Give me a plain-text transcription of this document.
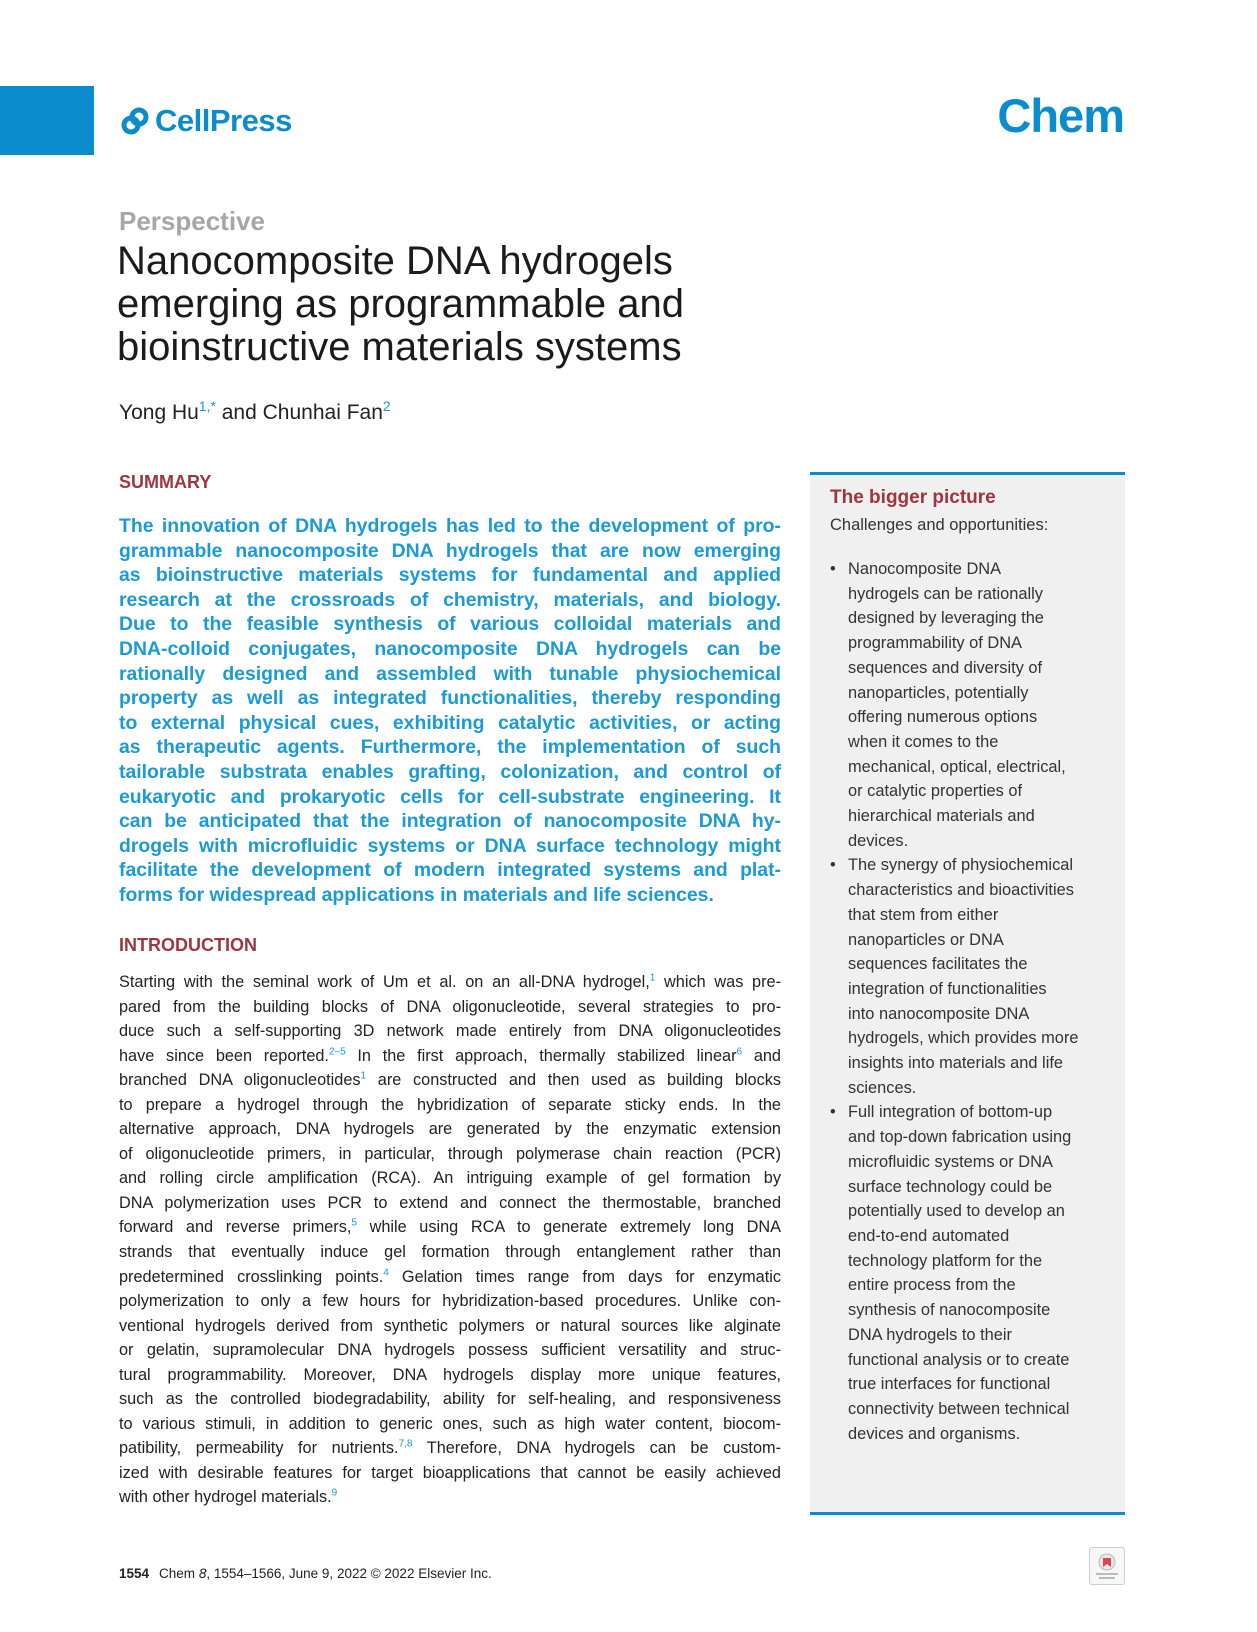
CellPress	Chem
Perspective
Nanocomposite DNA hydrogels
emerging as programmable and
bioinstructive materials systems
Yong $Hu^{1,*}$ and Chunhai Fan$^2$
SUMMARY
The innovation of DNA hydrogels has led to the development of pro-
grammable nanocomposite DNA hydrogels that are now emerging
as bioinstructive materials systems for fundamental and applied
research at the crossroads of chemistry, materials, and biology.
Due to the feasible synthesis of various colloidal materials and
DNA-colloid conjugates, nanocomposite DNA hydrogels can be
rationally designed and assembled with tunable physiochemical
property as well as integrated functionalities, thereby responding
to external physical cues, exhibiting catalytic activities, or acting
as therapeutic agents. Furthermore, the implementation of such
tailorable substrata enables grafting, colonization, and control of
eukaryotic and prokaryotic cells for cell-substrate engineering. It
can be anticipated that the integration of nanocomposite DNA hy-
drogels with microfluidic systems or DNA surface technology might
facilitate the development of modern integrated systems and plat-
forms for widespread applications in materials and life sciences.
INTRODUCTION
Starting with the seminal work of Um et al. on an all-DNA hydrogel,$^1$ which was pre-
pared from the building blocks of DNA oligonucleotide, several strategies to pro-
duce such a self-supporting 3D network made entirely from DNA oligonucleotides
have since been reported.$^{2-5}$ In the first approach, thermally stabilized linear$^6$ and
branched DNA oligonucleotides$^1$ are constructed and then used as building blocks
to prepare a hydrogel through the hybridization of separate sticky ends. In the
alternative approach, DNA hydrogels are generated by the enzymatic extension
of oligonucleotide primers, in particular, through polymerase chain reaction (PCR)
and rolling circle amplification (RCA). An intriguing example of gel formation by
DNA polymerization uses PCR to extend and connect the thermostable, branched
forward and reverse primers,$^5$ while using RCA to generate extremely long DNA
strands that eventually induce gel formation through entanglement rather than
predetermined crosslinking points.$^4$ Gelation times range from days for enzymatic
polymerization to only a few hours for hybridization-based procedures. Unlike con-
ventional hydrogels derived from synthetic polymers or natural sources like alginate
or gelatin, supramolecular DNA hydrogels possess sufficient versatility and struc-
tural programmability. Moreover, DNA hydrogels display more unique features,
such as the controlled biodegradability, ability for self-healing, and responsiveness
to various stimuli, in addition to generic ones, such as high water content, biocom-
patibility, permeability for nutrients.$^{7,8}$ Therefore, DNA hydrogels can be custom-
ized with desirable features for target bioapplications that cannot be easily achieved
with other hydrogel materials.$^9$
The bigger picture
Challenges and opportunities:
• Nanocomposite DNA
hydrogels can be rationally
designed by leveraging the
programmability of DNA
sequences and diversity of
nanoparticles, potentially
offering numerous options
when it comes to the
mechanical, optical, electrical,
or catalytic properties of
hierarchical materials and
devices.
• The synergy of physiochemical
characteristics and bioactivities
that stem from either
nanoparticles or DNA
sequences facilitates the
integration of functionalities
into nanocomposite DNA
hydrogels, which provides more
insights into materials and life
sciences.
• Full integration of bottom-up
and top-down fabrication using
microfluidic systems or DNA
surface technology could be
potentially used to develop an
end-to-end automated
technology platform for the
entire process from the
synthesis of nanocomposite
DNA hydrogels to their
functional analysis or to create
true interfaces for functional
connectivity between technical
devices and organisms.
1554 Chem 8, 1554–1566, June 9, 2022 © 2022 Elsevier Inc.
